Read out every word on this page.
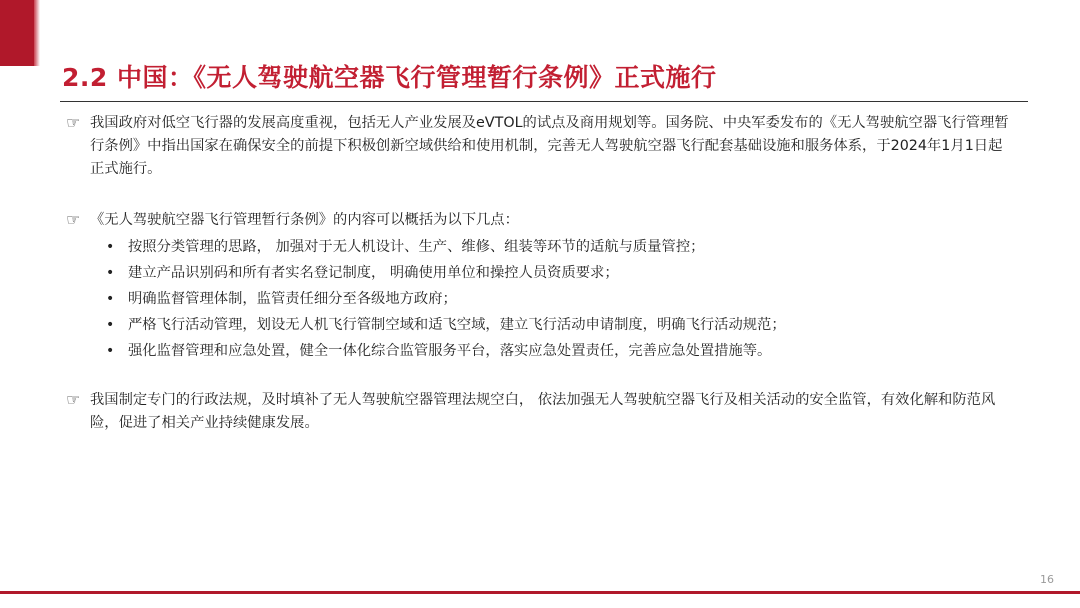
2.2 中国：《无人驾驶航空器飞行管理暂行条例》正式施行
☞ 我国政府对低空飞行器的发展高度重视，包括无人产业发展及eVTOL的试点及商用规划等。国务院、中央军委发布的《无人驾驶航空器飞行管理暂行条例》中指出国家在确保安全的前提下积极创新空域供给和使用机制，完善无人驾驶航空器飞行配套基础设施和服务体系，于2024年1月1日起正式施行。
☞ 《无人驾驶航空器飞行管理暂行条例》的内容可以概括为以下几点：
• 按照分类管理的思路， 加强对于无人机设计、生产、维修、组装等环节的适航与质量管控；
• 建立产品识别码和所有者实名登记制度， 明确使用单位和操控人员资质要求；
• 明确监督管理体制，监管责任细分至各级地方政府；
• 严格飞行活动管理，划设无人机飞行管制空域和适飞空域，建立飞行活动申请制度，明确飞行活动规范；
• 强化监督管理和应急处置，健全一体化综合监管服务平台，落实应急处置责任，完善应急处置措施等。
☞ 我国制定专门的行政法规，及时填补了无人驾驶航空器管理法规空白， 依法加强无人驾驶航空器飞行及相关活动的安全监管，有效化解和防范风险，促进了相关产业持续健康发展。
16
